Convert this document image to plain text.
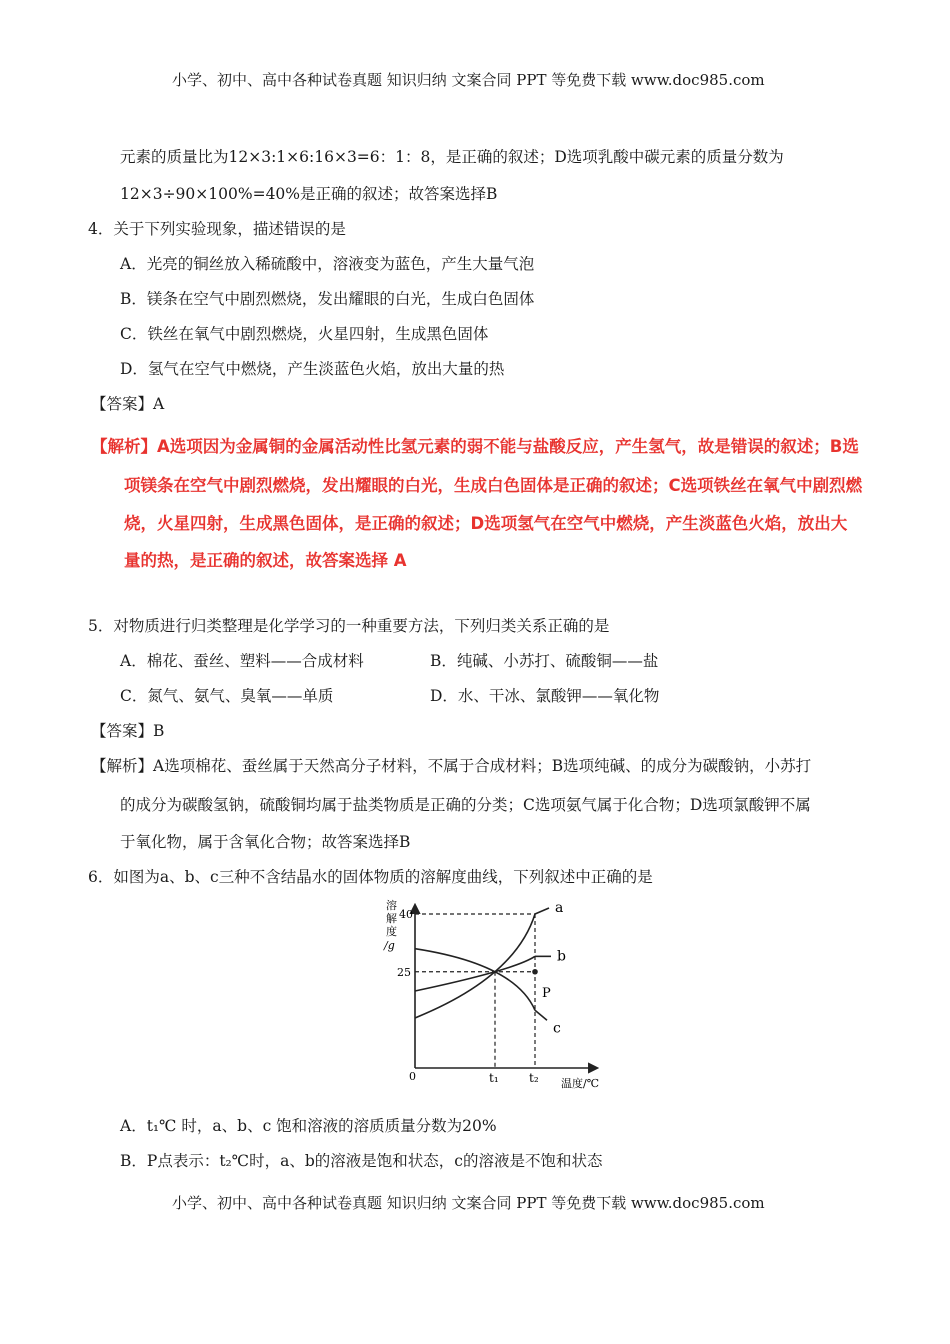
小学、初中、高中各种试卷真题 知识归纳 文案合同 PPT 等免费下载 www.doc985.com
元素的质量比为12×3:1×6:16×3=6：1：8，是正确的叙述；D选项乳酸中碳元素的质量分数为
12×3÷90×100%=40%是正确的叙述；故答案选择B
4．关于下列实验现象，描述错误的是
A．光亮的铜丝放入稀硫酸中，溶液变为蓝色，产生大量气泡
B．镁条在空气中剧烈燃烧，发出耀眼的白光，生成白色固体
C．铁丝在氧气中剧烈燃烧，火星四射，生成黑色固体
D．氢气在空气中燃烧，产生淡蓝色火焰，放出大量的热
【答案】A
【解析】A选项因为金属铜的金属活动性比氢元素的弱不能与盐酸反应，产生氢气，故是错误的叙述；B选
项镁条在空气中剧烈燃烧，发出耀眼的白光，生成白色固体是正确的叙述；C选项铁丝在氧气中剧烈燃
烧，火星四射，生成黑色固体，是正确的叙述；D选项氢气在空气中燃烧，产生淡蓝色火焰，放出大
量的热，是正确的叙述，故答案选择 A
5．对物质进行归类整理是化学学习的一种重要方法，下列归类关系正确的是
A．棉花、蚕丝、塑料——合成材料	B．纯碱、小苏打、硫酸铜——盐
C．氮气、氨气、臭氧——单质	D．水、干冰、氯酸钾——氧化物
【答案】B
【解析】A选项棉花、蚕丝属于天然高分子材料，不属于合成材料；B选项纯碱、的成分为碳酸钠，小苏打
的成分为碳酸氢钠，硫酸铜均属于盐类物质是正确的分类；C选项氨气属于化合物；D选项氯酸钾不属
于氧化物，属于含氧化合物；故答案选择B
6．如图为a、b、c三种不含结晶水的固体物质的溶解度曲线，下列叙述中正确的是
溶
解
度
/g
0
温度/℃
P
40
25
t₁	t₂
a
b
c
A．t₁℃ 时，a、b、c 饱和溶液的溶质质量分数为20%
B．P点表示：t₂℃时，a、b的溶液是饱和状态，c的溶液是不饱和状态
小学、初中、高中各种试卷真题 知识归纳 文案合同 PPT 等免费下载 www.doc985.com
